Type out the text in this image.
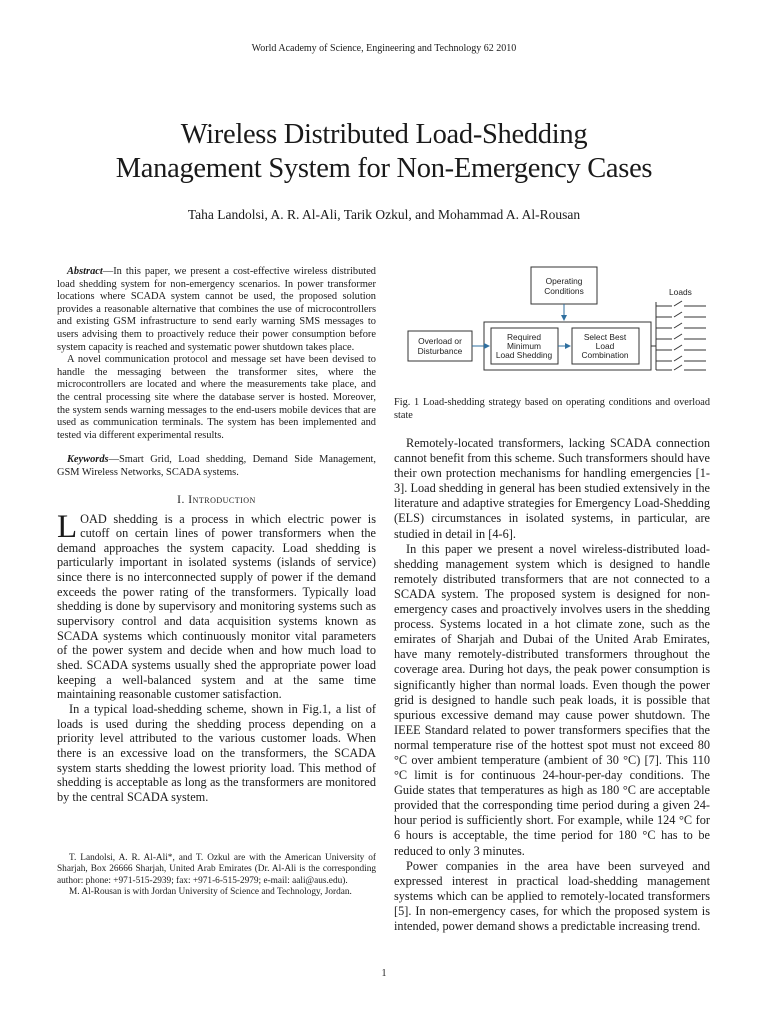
World Academy of Science, Engineering and Technology 62 2010
Wireless Distributed Load-Shedding
Management System for Non-Emergency Cases
Taha Landolsi, A. R. Al-Ali, Tarik Ozkul, and Mohammad A. Al-Rousan

Abstract—In this paper, we present a cost-effective wireless distributed load shedding system for non-emergency scenarios. In power transformer locations where SCADA system cannot be used, the proposed solution provides a reasonable alternative that combines the use of microcontrollers and existing GSM infrastructure to send early warning SMS messages to users advising them to proactively reduce their power consumption before system capacity is reached and systematic power shutdown takes place.

A novel communication protocol and message set have been devised to handle the messaging between the transformer sites, where the microcontrollers are located and where the measurements take place, and the central processing site where the database server is hosted. Moreover, the system sends warning messages to the end-users mobile devices that are used as communication terminals. The system has been implemented and tested via different experimental results.

Keywords—Smart Grid, Load shedding, Demand Side Management, GSM Wireless Networks, SCADA systems.

I. Introduction

LOAD shedding is a process in which electric power is cutoff on certain lines of power transformers when the demand approaches the system capacity. Load shedding is particularly important in isolated systems (islands of service) since there is no interconnected supply of power if the demand exceeds the power rating of the transformers. Typically load shedding is done by supervisory and monitoring systems such as supervisory control and data acquisition systems known as SCADA systems which continuously monitor vital parameters of the power system and decide when and how much load to shed. SCADA systems usually shed the appropriate power load keeping a well-balanced system and at the same time maintaining reasonable customer satisfaction.

In a typical load-shedding scheme, shown in Fig.1, a list of loads is used during the shedding process depending on a priority level attributed to the various customer loads. When there is an excessive load on the transformers, the SCADA system starts shedding the lowest priority load. This method of shedding is acceptable as long as the transformers are monitored by the central SCADA system.

T. Landolsi, A. R. Al-Ali*, and T. Ozkul are with the American University of Sharjah, Box 26666 Sharjah, United Arab Emirates (Dr. Al-Ali is the corresponding author: phone: +971-515-2939; fax: +971-6-515-2979; e-mail: aali@aus.edu).

M. Al-Rousan is with Jordan University of Science and Technology, Jordan.

Operating
Conditions
Overload or
Disturbance
Required
Minimum
Load Shedding
Select Best
Load
Combination
Loads
Fig. 1 Load-shedding strategy based on operating conditions and overload state

Remotely-located transformers, lacking SCADA connection cannot benefit from this scheme. Such transformers should have their own protection mechanisms for handling emergencies [1-3]. Load shedding in general has been studied extensively in the literature and adaptive strategies for Emergency Load-Shedding (ELS) circumstances in isolated systems, in particular, are studied in detail in [4-6].

In this paper we present a novel wireless-distributed load-shedding management system which is designed to handle remotely distributed transformers that are not connected to a SCADA system. The proposed system is designed for non-emergency cases and proactively involves users in the shedding process. Systems located in a hot climate zone, such as the emirates of Sharjah and Dubai of the United Arab Emirates, have many remotely-distributed transformers throughout the coverage area. During hot days, the peak power consumption is significantly higher than normal loads. Even though the power grid is designed to handle such peak loads, it is possible that spurious excessive demand may cause power shutdown. The IEEE Standard related to power transformers specifies that the normal temperature rise of the hottest spot must not exceed 80 °C over ambient temperature (ambient of 30 °C) [7]. This 110 °C limit is for continuous 24-hour-per-day conditions. The Guide states that temperatures as high as 180 °C are acceptable provided that the corresponding time period during a given 24-hour period is sufficiently short. For example, while 124 °C for 6 hours is acceptable, the time period for 180 °C has to be reduced to only 3 minutes.

Power companies in the area have been surveyed and expressed interest in practical load-shedding management systems which can be applied to remotely-located transformers [5]. In non-emergency cases, for which the proposed system is intended, power demand shows a predictable increasing trend.

1
